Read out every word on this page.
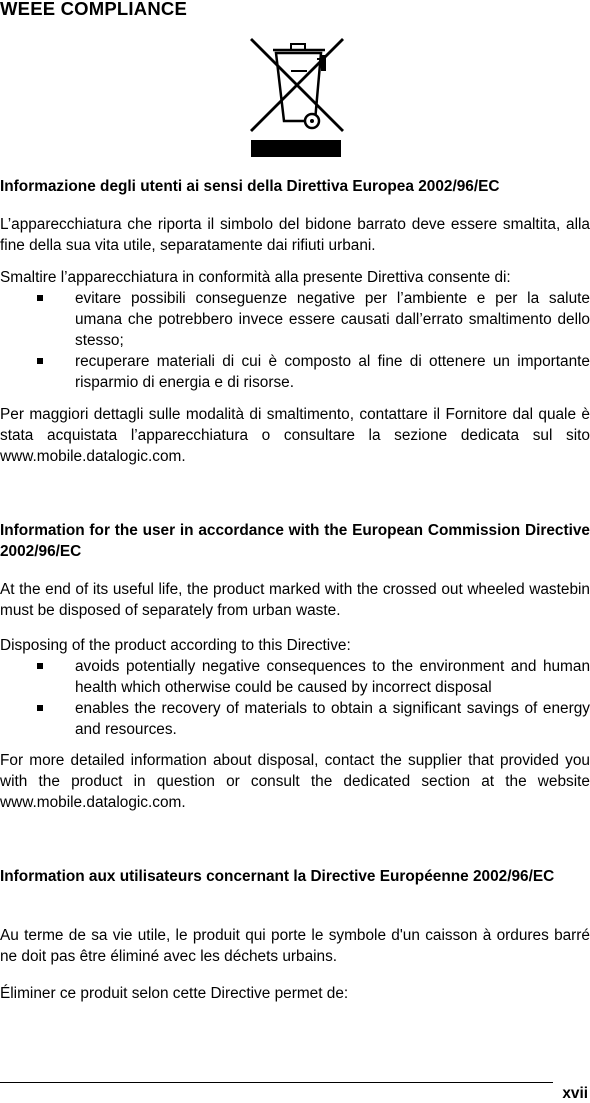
WEEE COMPLIANCE
Informazione degli utenti ai sensi della Direttiva Europea 2002/96/EC
L’apparecchiatura che riporta il simbolo del bidone barrato deve essere smaltita, alla fine della sua vita utile, separatamente dai rifiuti urbani.
Smaltire l’apparecchiatura in conformità alla presente Direttiva consente di:
evitare possibili conseguenze negative per l’ambiente e per la salute umana che potrebbero invece essere causati dall’errato smaltimento dello stesso;
recuperare materiali di cui è composto al fine di ottenere un importante risparmio di energia e di risorse.
Per maggiori dettagli sulle modalità di smaltimento, contattare il Fornitore dal quale è stata acquistata l’apparecchiatura o consultare la sezione dedicata sul sito www.mobile.datalogic.com.
Information for the user in accordance with the European Commission Directive 2002/96/EC
At the end of its useful life, the product marked with the crossed out wheeled wastebin must be disposed of separately from urban waste.
Disposing of the product according to this Directive:
avoids potentially negative consequences to the environment and human health which otherwise could be caused by incorrect disposal
enables the recovery of materials to obtain a significant savings of energy and resources.
For more detailed information about disposal, contact the supplier that provided you with the product in question or consult the dedicated section at the website www.mobile.datalogic.com.
Information aux utilisateurs concernant la Directive Européenne 2002/96/EC
Au terme de sa vie utile, le produit qui porte le symbole d'un caisson à ordures barré ne doit pas être éliminé avec les déchets urbains.
Éliminer ce produit selon cette Directive permet de:
xvii
